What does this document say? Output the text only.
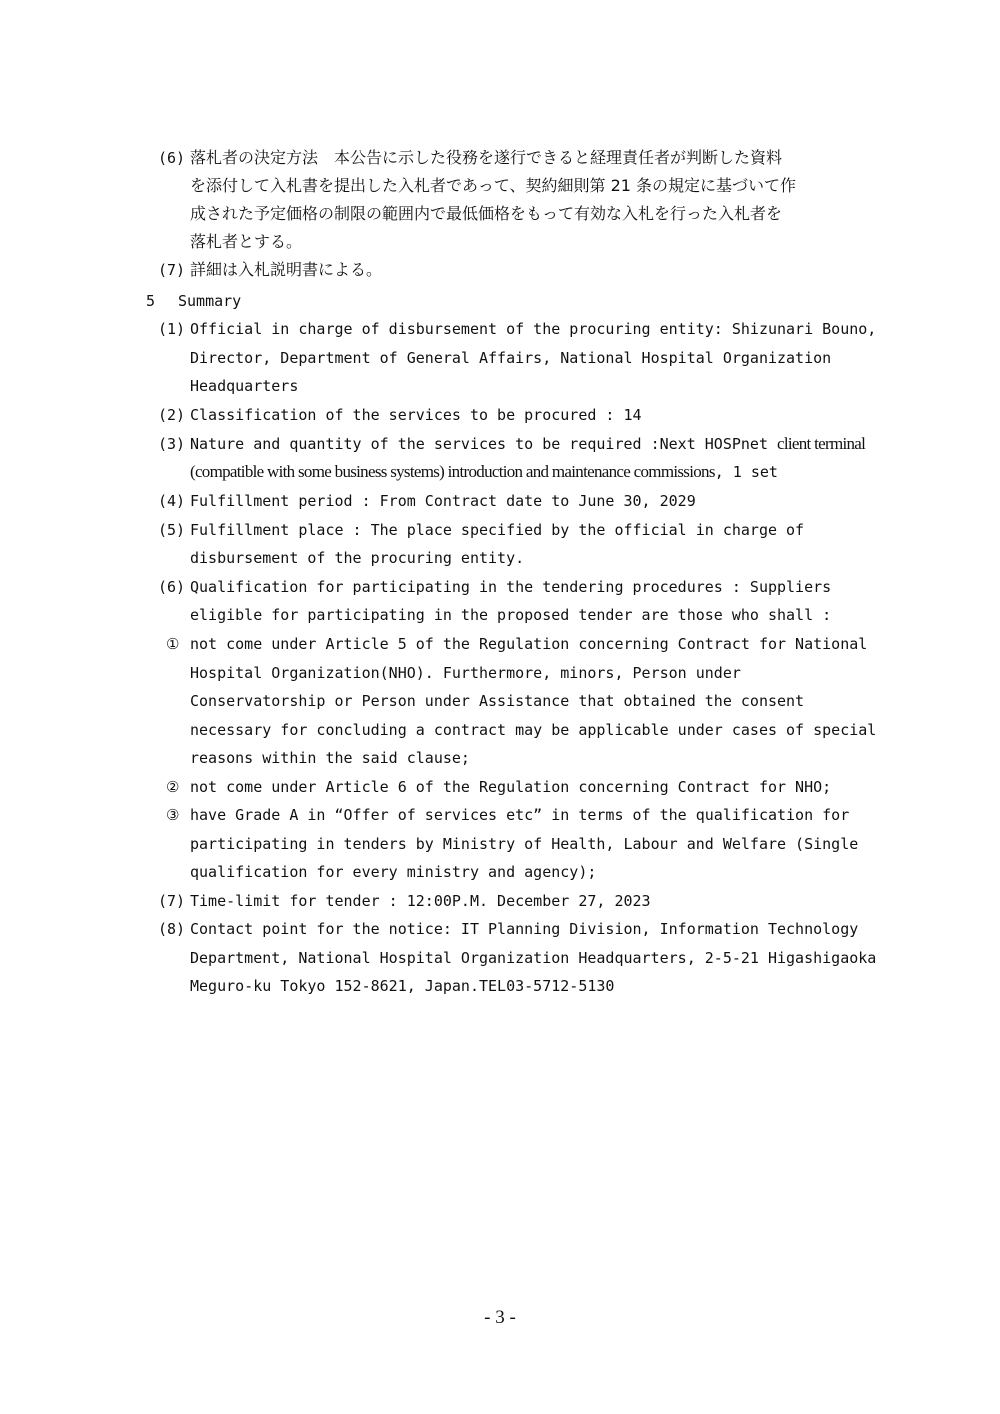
(6) 落札者の決定方法　本公告に示した役務を遂行できると経理責任者が判断した資料
を添付して入札書を提出した入札者であって、契約細則第 21 条の規定に基づいて作
成された予定価格の制限の範囲内で最低価格をもって有効な入札を行った入札者を
落札者とする。
(7) 詳細は入札説明書による。
5 Summary
(1) Official in charge of disbursement of the procuring entity: Shizunari Bouno,
Director, Department of General Affairs, National Hospital Organization
Headquarters
(2) Classification of the services to be procured : 14
(3) Nature and quantity of the services to be required :Next HOSPnet client terminal
(compatible with some business systems) introduction and maintenance commissions, 1 set
(4) Fulfillment period : From Contract date to June 30, 2029
(5) Fulfillment place : The place specified by the official in charge of
disbursement of the procuring entity.
(6) Qualification for participating in the tendering procedures : Suppliers
eligible for participating in the proposed tender are those who shall :
① not come under Article 5 of the Regulation concerning Contract for National
Hospital Organization(NHO). Furthermore, minors, Person under
Conservatorship or Person under Assistance that obtained the consent
necessary for concluding a contract may be applicable under cases of special
reasons within the said clause;
② not come under Article 6 of the Regulation concerning Contract for NHO;
③ have Grade A in “Offer of services etc” in terms of the qualification for
participating in tenders by Ministry of Health, Labour and Welfare (Single
qualification for every ministry and agency);
(7) Time-limit for tender : 12:00P.M. December 27, 2023
(8) Contact point for the notice: IT Planning Division, Information Technology
Department, National Hospital Organization Headquarters, 2-5-21 Higashigaoka
Meguro-ku Tokyo 152-8621, Japan.TEL03-5712-5130
- 3 -
